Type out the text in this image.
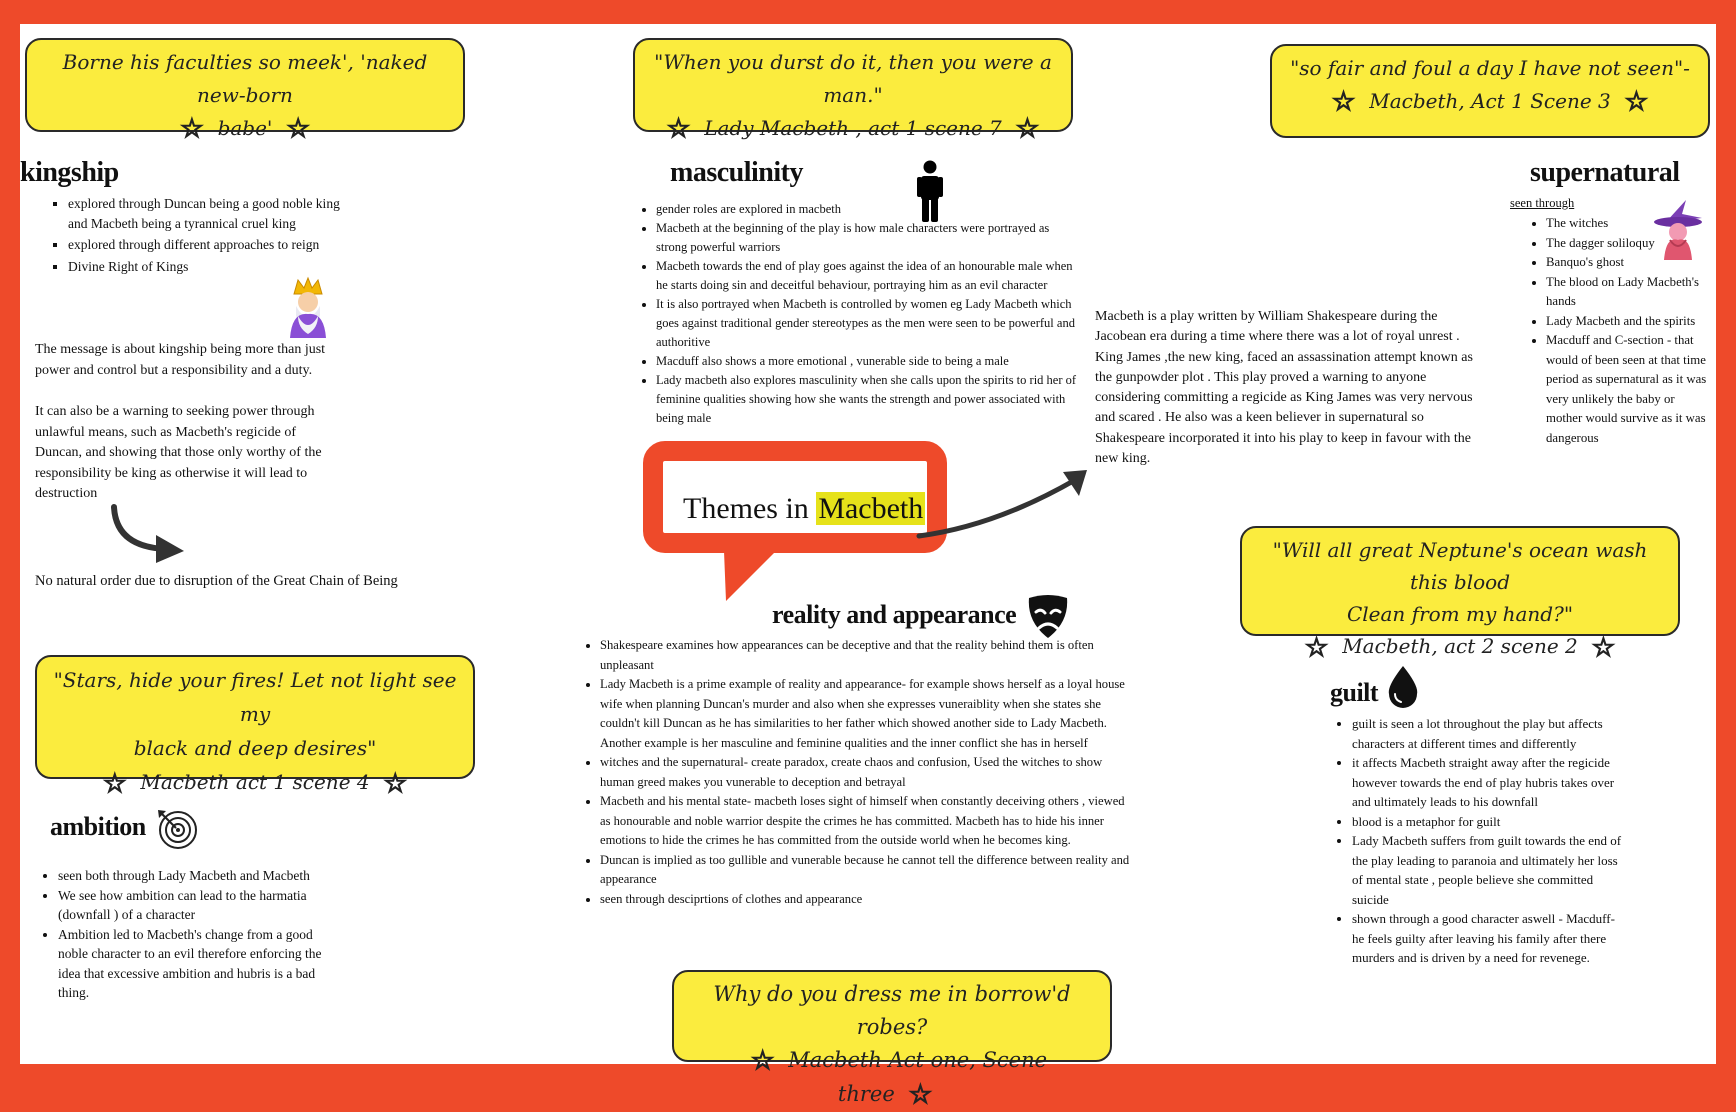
Borne his faculties so meek', 'naked new-born
☆ babe' ☆
"When you durst do it, then you were a man."
☆ Lady Macbeth , act 1 scene 7 ☆
"so fair and foul a day I have not seen"-
☆ Macbeth, Act 1 Scene 3 ☆
"Stars, hide your fires! Let not light see my
black and deep desires"
☆ Macbeth act 1 scene 4 ☆
"Will all great Neptune's ocean wash this blood
Clean from my hand?"
☆ Macbeth, act 2 scene 2 ☆
Why do you dress me in borrow'd robes?
☆ Macbeth Act one, Scene three ☆
kingship
▪ explored through Duncan being a good noble king and Macbeth being a tyrannical cruel king
▪ explored through different approaches to reign
▪ Divine Right of Kings

The message is about kingship being more than just power and control but a responsibility and a duty.

It can also be a warning to seeking power through unlawful means, such as Macbeth's regicide of Duncan, and showing that those only worthy of the responsibility be king as otherwise it will lead to destruction

No natural order due to disruption of the Great Chain of Being
masculinity
• gender roles are explored in macbeth
• Macbeth at the beginning of the play is how male characters were portrayed as strong powerful warriors
• Macbeth towards the end of play goes against the idea of an honourable male when he starts doing sin and deceitful behaviour, portraying him as an evil character
• It is also portrayed when Macbeth is controlled by women eg Lady Macbeth which goes against traditional gender stereotypes as the men were seen to be powerful and authoritive
• Macduff also shows a more emotional , vunerable side to being a male
• Lady macbeth also explores masculinity when she calls upon the spirits to rid her of feminine qualities showing how she wants the strength and power associated with being male
supernatural
seen through
• The witches
• The dagger soliloquy
• Banquo's ghost
• The blood on Lady Macbeth's hands
• Lady Macbeth and the spirits
• Macduff and C-section - that would of been seen at that time period as supernatural as it was very unlikely the baby or mother would survive as it was dangerous

Macbeth is a play written by William Shakespeare during the Jacobean era during a time where there was a lot of royal unrest . King James ,the new king, faced an assassination attempt known as the gunpowder plot . This play proved a warning to anyone considering committing a regicide as King James was very nervous and scared . He also was a keen believer in supernatural so Shakespeare incorporated it into his play to keep in favour with the new king.

Themes in Macbeth
reality and appearance
• Shakespeare examines how appearances can be deceptive and that the reality behind them is often unpleasant
• Lady Macbeth is a prime example of reality and appearance- for example shows herself as a loyal house wife when planning Duncan's murder and also when she expresses vuneraiblity when she states she couldn't kill Duncan as he has similarities to her father which showed another side to Lady Macbeth. Another example is her masculine and feminine qualities and the inner conflict she has in herself
• witches and the supernatural- create paradox, create chaos and confusion, Used the witches to show human greed makes you vunerable to deception and betrayal
• Macbeth and his mental state- macbeth loses sight of himself when constantly deceiving others , viewed as honourable and noble warrior despite the crimes he has committed. Macbeth has to hide his inner emotions to hide the crimes he has committed from the outside world when he becomes king.
• Duncan is implied as too gullible and vunerable because he cannot tell the difference between reality and appearance
• seen through desciprtions of clothes and appearance
ambition
• seen both through Lady Macbeth and Macbeth
• We see how ambition can lead to the harmatia (downfall ) of a character
• Ambition led to Macbeth's change from a good noble character to an evil therefore enforcing the idea that excessive ambition and hubris is a bad thing.
guilt
• guilt is seen a lot throughout the play but affects characters at different times and differently
• it affects Macbeth straight away after the regicide however towards the end of play hubris takes over and ultimately leads to his downfall
• blood is a metaphor for guilt
• Lady Macbeth suffers from guilt towards the end of the play leading to paranoia and ultimately her loss of mental state , people believe she committed suicide
• shown through a good character aswell - Macduff- he feels guilty after leaving his family after there murders and is driven by a need for revenege.
